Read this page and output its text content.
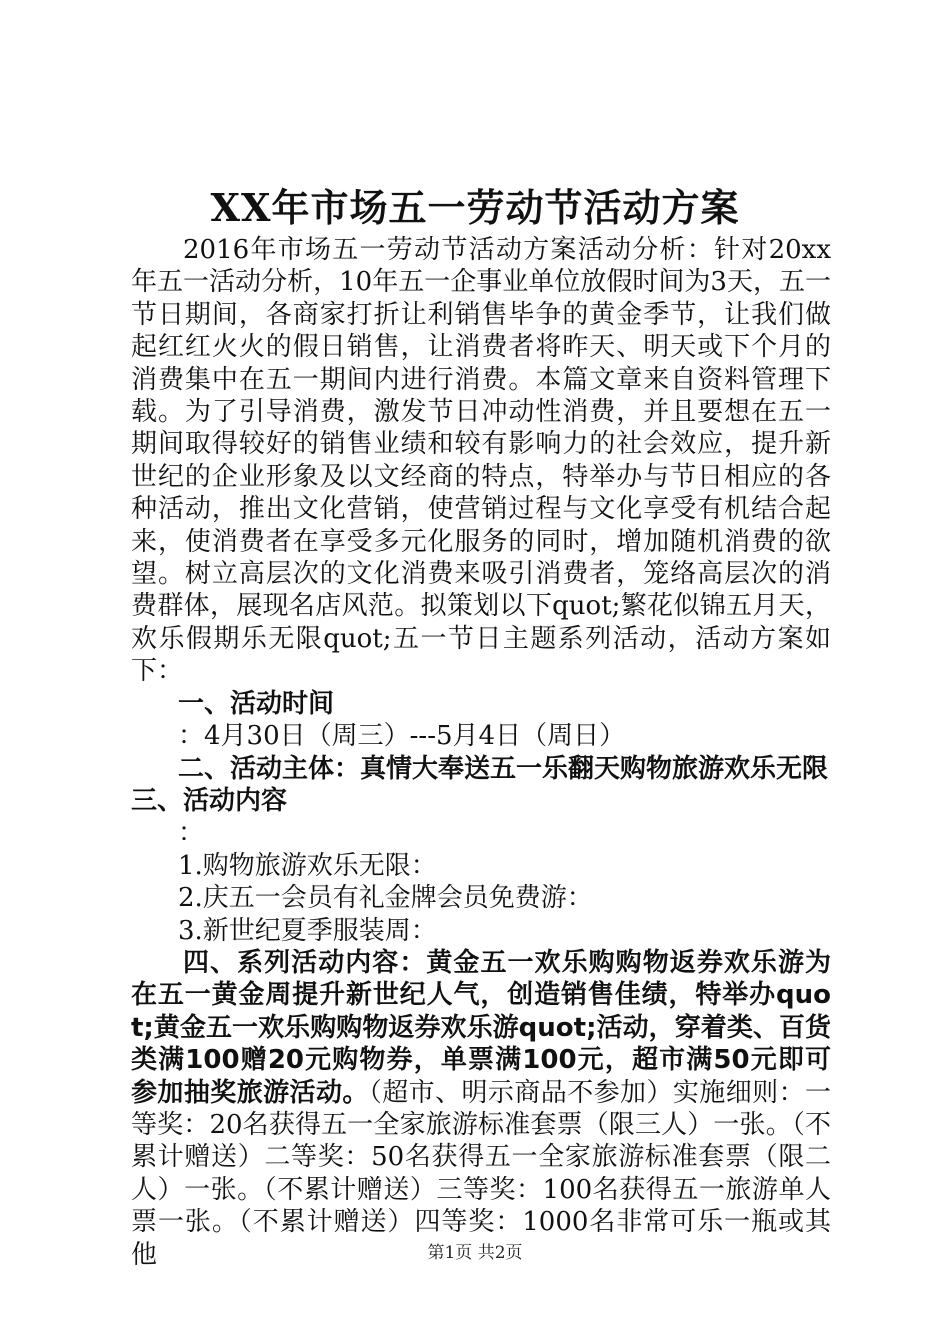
XX年市场五一劳动节活动方案

2016年市场五一劳动节活动方案活动分析：针对20xx年五一活动分析，10年五一企事业单位放假时间为3天，五一节日期间，各商家打折让利销售毕争的黄金季节，让我们做起红红火火的假日销售，让消费者将昨天、明天或下个月的消费集中在五一期间内进行消费。本篇文章来自资料管理下载。为了引导消费，激发节日冲动性消费，并且要想在五一期间取得较好的销售业绩和较有影响力的社会效应，提升新世纪的企业形象及以文经商的特点，特举办与节日相应的各种活动，推出文化营销，使营销过程与文化享受有机结合起来，使消费者在享受多元化服务的同时，增加随机消费的欲望。树立高层次的文化消费来吸引消费者，笼络高层次的消费群体，展现名店风范。拟策划以下quot;繁花似锦五月天，欢乐假期乐无限quot;五一节日主题系列活动，活动方案如下：

一、活动时间

：4月30日（周三）---5月4日（周日）

二、活动主体：真情大奉送五一乐翻天购物旅游欢乐无限

三、活动内容

：

1.购物旅游欢乐无限：

2.庆五一会员有礼金牌会员免费游：

3.新世纪夏季服装周：

四、系列活动内容：黄金五一欢乐购购物返券欢乐游为在五一黄金周提升新世纪人气，创造销售佳绩，特举办quot;黄金五一欢乐购购物返券欢乐游quot;活动，穿着类、百货类满100赠20元购物券，单票满100元，超市满50元即可参加抽奖旅游活动。（超市、明示商品不参加）实施细则：一等奖：20名获得五一全家旅游标准套票（限三人）一张。（不累计赠送）二等奖：50名获得五一全家旅游标准套票（限二人）一张。（不累计赠送）三等奖：100名获得五一旅游单人票一张。（不累计赠送）四等奖：1000名非常可乐一瓶或其他	第1页 共2页
